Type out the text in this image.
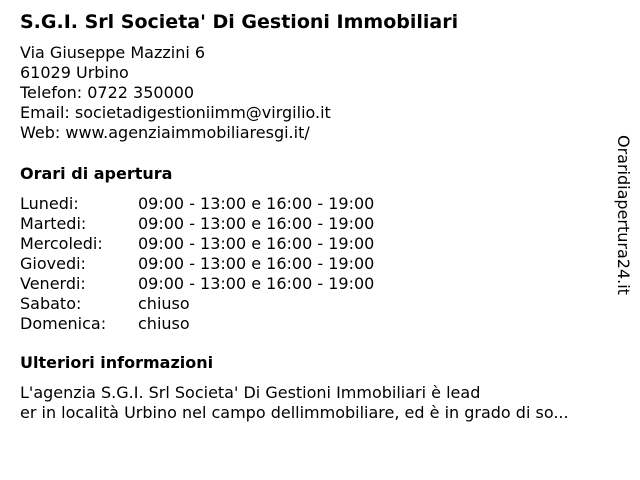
S.G.I. Srl Societa' Di Gestioni Immobiliari
Via Giuseppe Mazzini 6
61029 Urbino
Telefon: 0722 350000
Email: societadigestioniimm@virgilio.it
Web: www.agenziaimmobiliaresgi.it/
Orari di apertura
Lunedi:	09:00 - 13:00 e 16:00 - 19:00
Martedi:	09:00 - 13:00 e 16:00 - 19:00
Mercoledi:	09:00 - 13:00 e 16:00 - 19:00
Giovedi:	09:00 - 13:00 e 16:00 - 19:00
Venerdi:	09:00 - 13:00 e 16:00 - 19:00
Sabato:	chiuso
Domenica:	chiuso
Ulteriori informazioni
L'agenzia S.G.I. Srl Societa' Di Gestioni Immobiliari è lead
er in località Urbino nel campo dellimmobiliare, ed è in grado di so...
Oraridiapertura24.it
